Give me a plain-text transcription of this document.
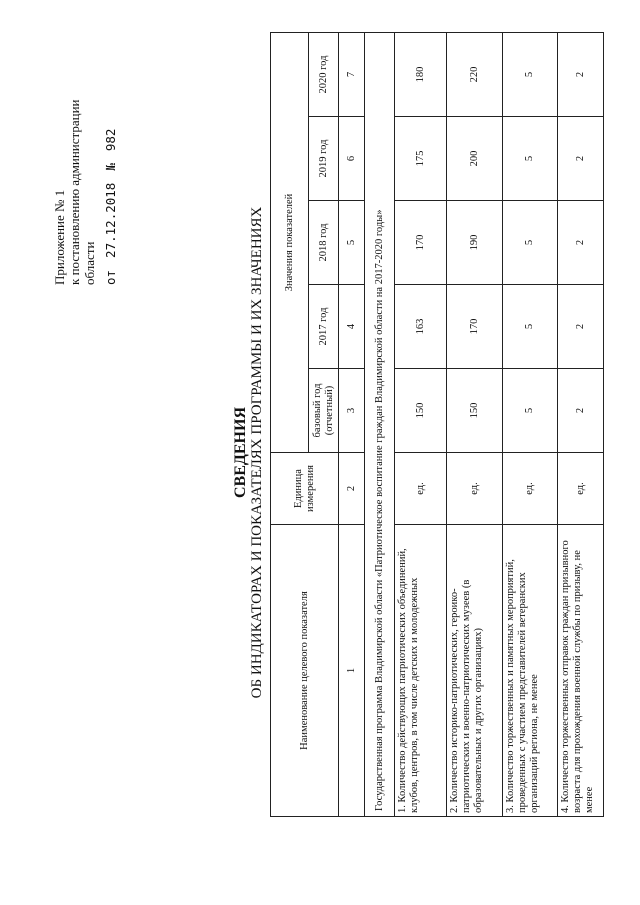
Приложение № 1 к постановлению администрации области от27.12.2018№982
СВЕДЕНИЯ ОБ ИНДИКАТОРАХ И ПОКАЗАТЕЛЯХ ПРОГРАММЫ И ИХ ЗНАЧЕНИЯХ	Наименование целевого показателя	Единица измерения	Значения показателей				
		базовый год (отчетный)	2017 год	2018 год	2019 год	2020 год
1	2	3	4	5	6	7
Государственная программа Владимирской области «Патриотическое воспитание граждан Владимирской области на 2017-2020 годы»						
1. Количество действующих патриотических объединений, клубов, центров, в том числе детских и молодежных	ед.	150	163	170	175	180
2. Количество историко-патриотических, героико-патриотических и военно-патриотических музеев (в образовательных и других организациях)	ед.	150	170	190	200	220
3. Количество торжественных и памятных мероприятий, проведенных с участием представителей ветеранских организаций региона, не менее	ед.	5	5	5	5	5
4. Количество торжественных отправок граждан призывного возраста для прохождения военной службы по призыву, не менее	ед.	2	2	2	2	2
